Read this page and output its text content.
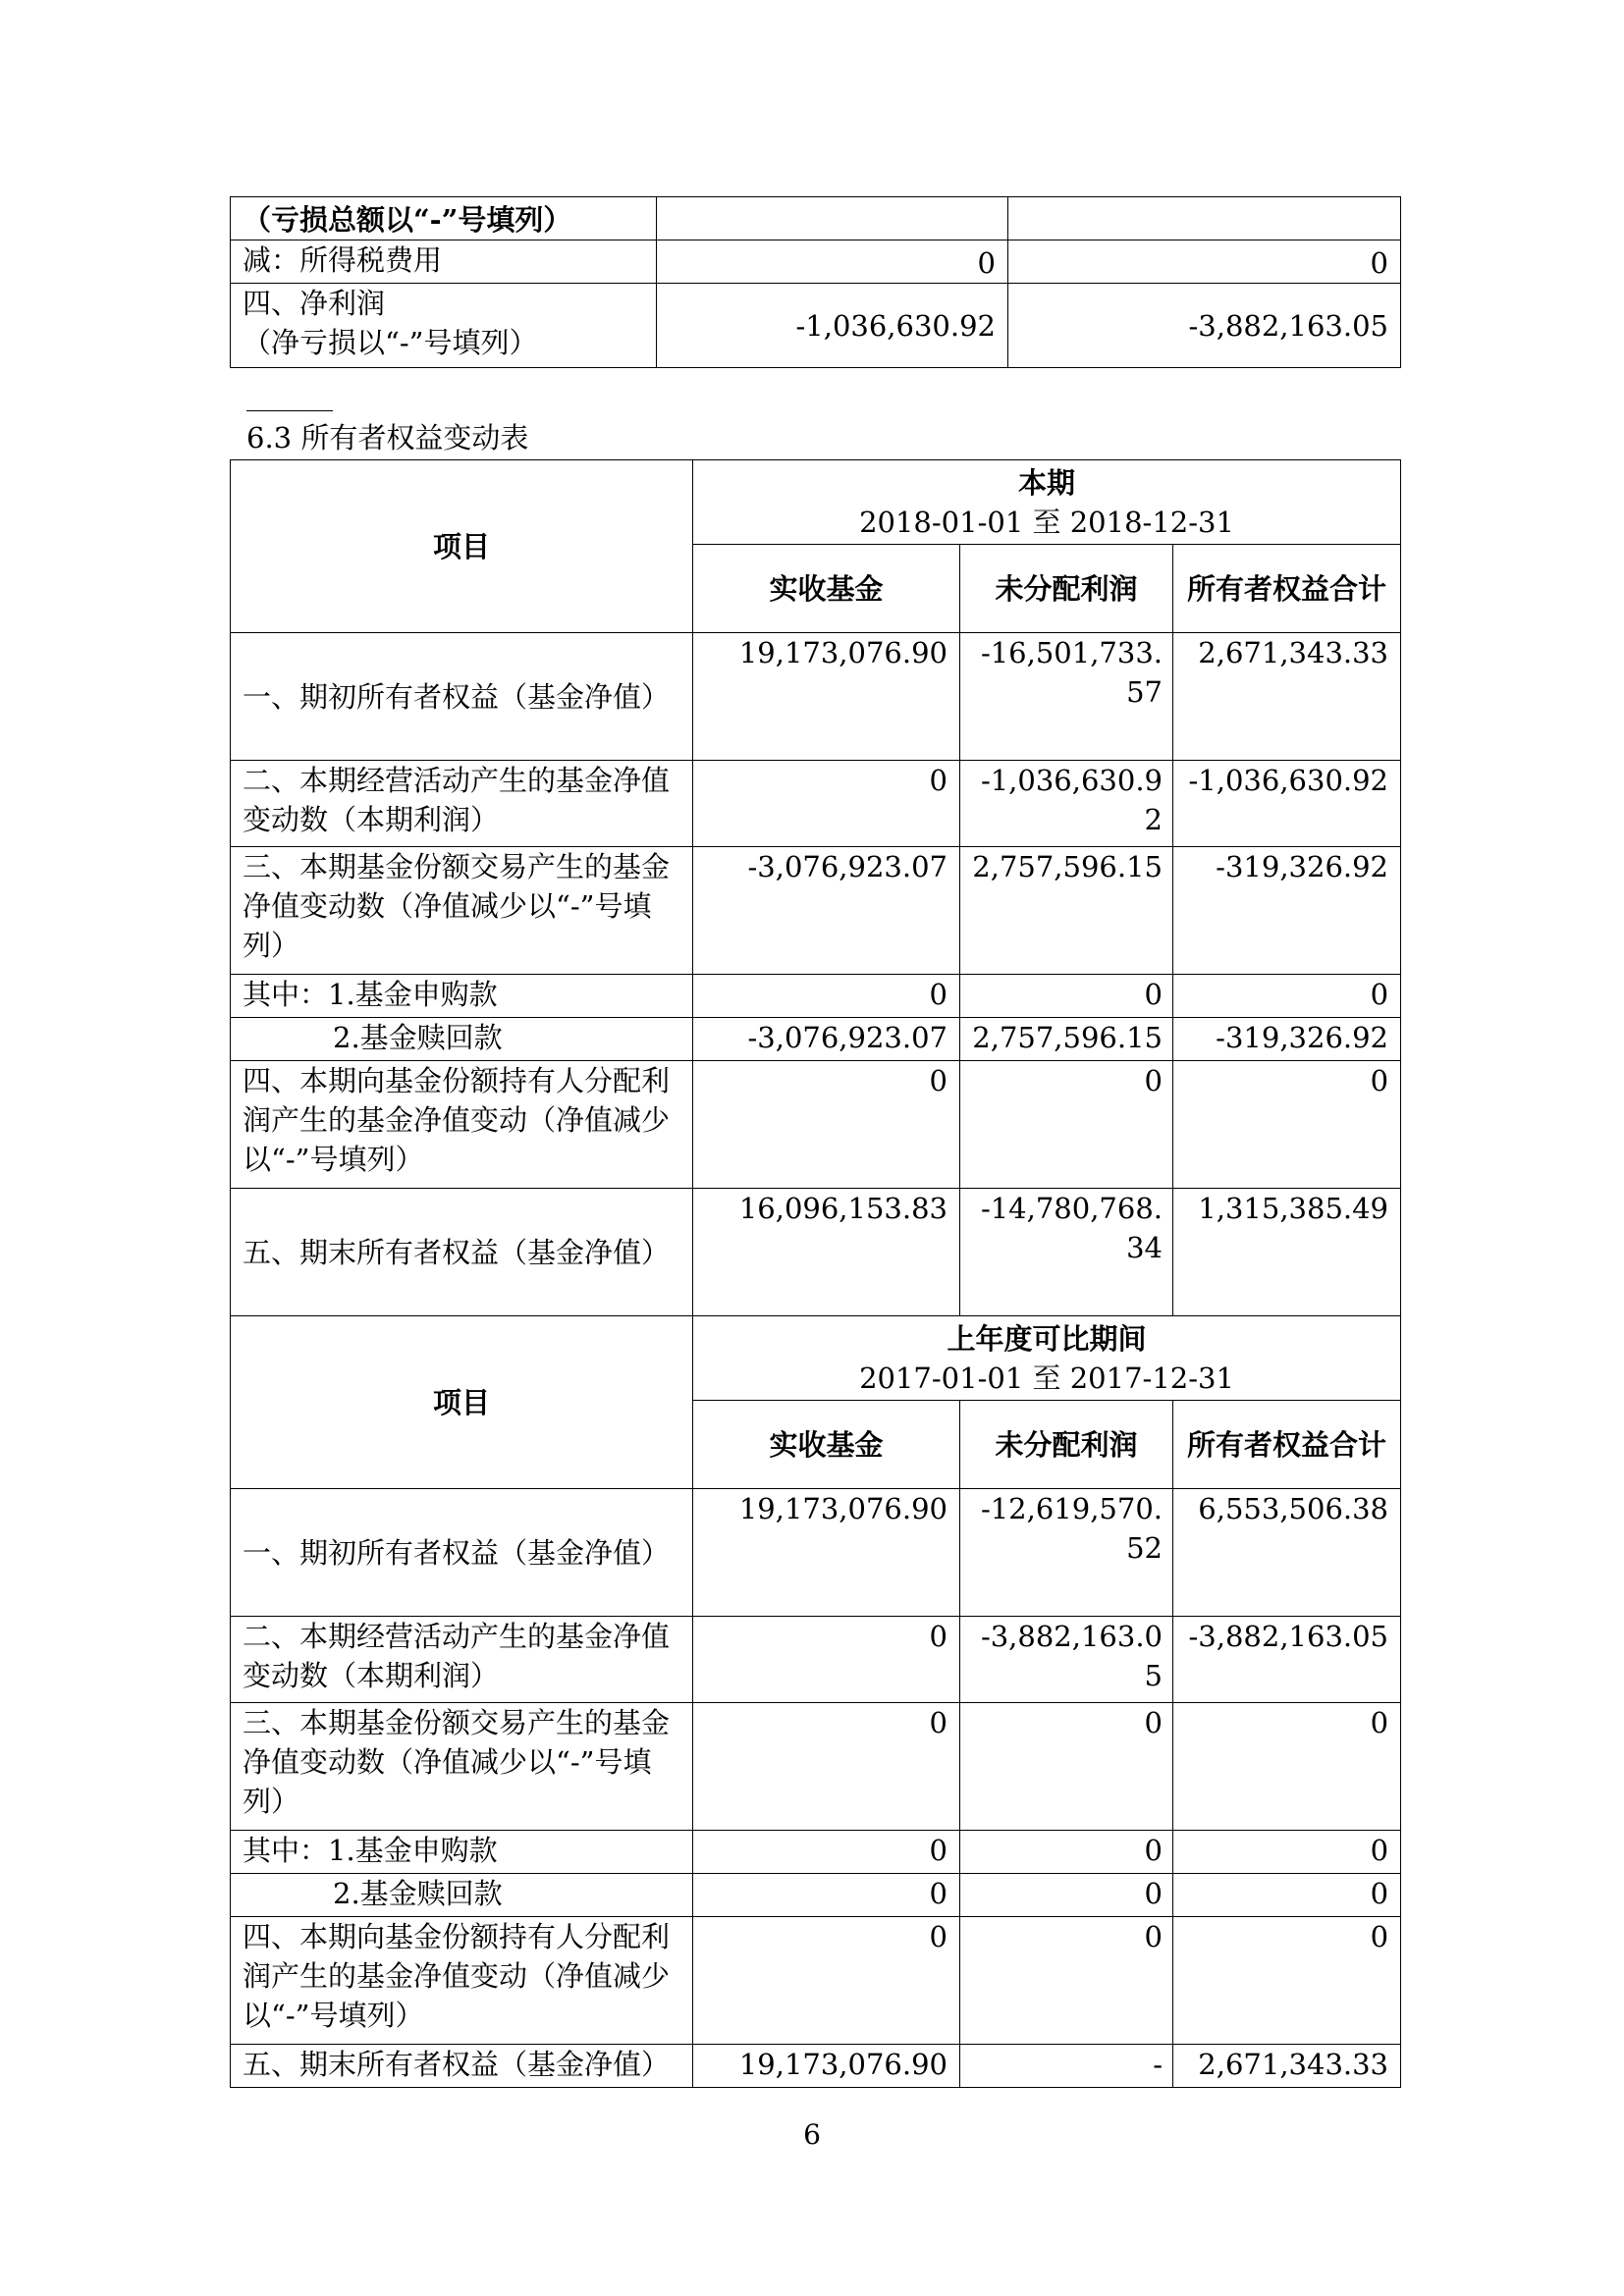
（亏损总额以“-”号填列）		
减：所得税费用	0	0

四、净利润
（净亏损以“-”号填列）	-1,036,630.92	-3,882,163.05
6.3 所有者权益变动表
项目	本期
2018-01-01 至 2018-12-31		

	实收基金	未分配利润	所有者权益合计
一、期初所有者权益（基金净值）	19,173,076.90	-16,501,733.57	2,671,343.33
二、本期经营活动产生的基金净值变动数（本期利润）	0	-1,036,630.92	-1,036,630.92
三、本期基金份额交易产生的基金净值变动数（净值减少以“-”号填列）	-3,076,923.07	2,757,596.15	-319,326.92
其中：1.基金申购款	0	0	0
2.基金赎回款	-3,076,923.07	2,757,596.15	-319,326.92
四、本期向基金份额持有人分配利润产生的基金净值变动（净值减少以“-”号填列）	0	0	0
五、期末所有者权益（基金净值）	16,096,153.83	-14,780,768.34	1,315,385.49
项目	上年度可比期间
2017-01-01 至 2017-12-31		

	实收基金	未分配利润	所有者权益合计
一、期初所有者权益（基金净值）	19,173,076.90	-12,619,570.52	6,553,506.38
二、本期经营活动产生的基金净值变动数（本期利润）	0	-3,882,163.05	-3,882,163.05
三、本期基金份额交易产生的基金净值变动数（净值减少以“-”号填列）	0	0	0
其中：1.基金申购款	0	0	0
2.基金赎回款	0	0	0
四、本期向基金份额持有人分配利润产生的基金净值变动（净值减少以“-”号填列）	0	0	0
五、期末所有者权益（基金净值）	19,173,076.90	-	2,671,343.33
6
